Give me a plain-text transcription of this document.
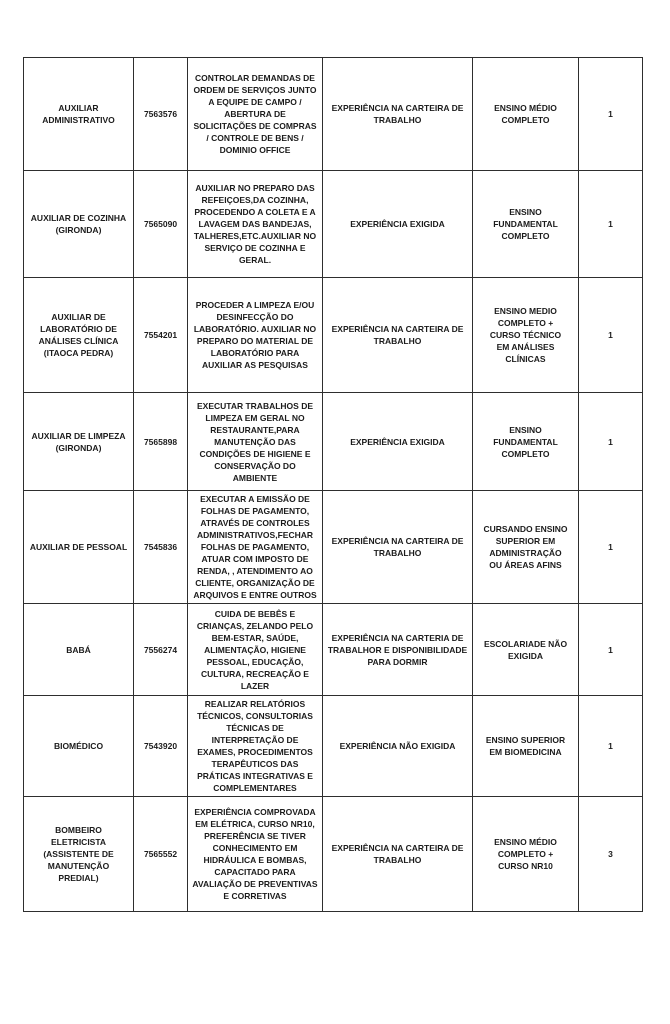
AUXILIAR ADMINISTRATIVO	7563576	CONTROLAR DEMANDAS DE ORDEM DE SERVIÇOS JUNTO A EQUIPE DE CAMPO / ABERTURA DE SOLICITAÇÕES DE COMPRAS / CONTROLE DE BENS / DOMINIO OFFICE	EXPERIÊNCIA NA CARTEIRA DE TRABALHO	ENSINO MÉDIO COMPLETO	1
AUXILIAR DE COZINHA (GIRONDA)	7565090	AUXILIAR NO PREPARO DAS REFEIÇOES,DA COZINHA, PROCEDENDO A COLETA E A LAVAGEM DAS BANDEJAS, TALHERES,ETC.AUXILIAR NO SERVIÇO DE COZINHA E GERAL.	EXPERIÊNCIA EXIGIDA	ENSINO FUNDAMENTAL COMPLETO	1
AUXILIAR DE LABORATÓRIO DE ANÁLISES CLÍNICA (ITAOCA PEDRA)	7554201	PROCEDER A LIMPEZA E/OU DESINFECÇÃO DO LABORATÓRIO. AUXILIAR NO PREPARO DO MATERIAL DE LABORATÓRIO PARA AUXILIAR AS PESQUISAS	EXPERIÊNCIA NA CARTEIRA DE TRABALHO	ENSINO MEDIO COMPLETO + CURSO TÉCNICO EM ANÁLISES CLÍNICAS	1
AUXILIAR DE LIMPEZA (GIRONDA)	7565898	EXECUTAR TRABALHOS DE LIMPEZA EM GERAL NO RESTAURANTE,PARA MANUTENÇÃO DAS CONDIÇÕES DE HIGIENE E CONSERVAÇÃO DO AMBIENTE	EXPERIÊNCIA EXIGIDA	ENSINO FUNDAMENTAL COMPLETO	1
AUXILIAR DE PESSOAL	7545836	EXECUTAR A EMISSÃO DE FOLHAS DE PAGAMENTO, ATRAVÉS DE CONTROLES ADMINISTRATIVOS,FECHAR FOLHAS DE PAGAMENTO, ATUAR COM IMPOSTO DE RENDA, , ATENDIMENTO AO CLIENTE, ORGANIZAÇÃO DE ARQUIVOS E ENTRE OUTROS	EXPERIÊNCIA NA CARTEIRA DE TRABALHO	CURSANDO ENSINO SUPERIOR EM ADMINISTRAÇÃO OU ÁREAS AFINS	1
BABÁ	7556274	CUIDA DE BEBÊS E CRIANÇAS, ZELANDO PELO BEM-ESTAR, SAÚDE, ALIMENTAÇÃO, HIGIENE PESSOAL, EDUCAÇÃO, CULTURA, RECREAÇÃO E LAZER	EXPERIÊNCIA NA CARTERIA DE TRABALHOR E DISPONIBILIDADE PARA DORMIR	ESCOLARIADE NÃO EXIGIDA	1
BIOMÉDICO	7543920	REALIZAR RELATÓRIOS TÉCNICOS, CONSULTORIAS TÉCNICAS DE INTERPRETAÇÃO DE EXAMES, PROCEDIMENTOS TERAPÊUTICOS DAS PRÁTICAS INTEGRATIVAS E COMPLEMENTARES	EXPERIÊNCIA NÃO EXIGIDA	ENSINO SUPERIOR EM BIOMEDICINA	1
BOMBEIRO ELETRICISTA (ASSISTENTE DE MANUTENÇÃO PREDIAL)	7565552	EXPERIÊNCIA COMPROVADA EM ELÉTRICA, CURSO NR10, PREFERÊNCIA SE TIVER CONHECIMENTO EM HIDRÁULICA E BOMBAS, CAPACITADO PARA AVALIAÇÃO DE PREVENTIVAS E CORRETIVAS	EXPERIÊNCIA NA CARTEIRA DE TRABALHO	ENSINO MÉDIO COMPLETO + CURSO NR10	3
